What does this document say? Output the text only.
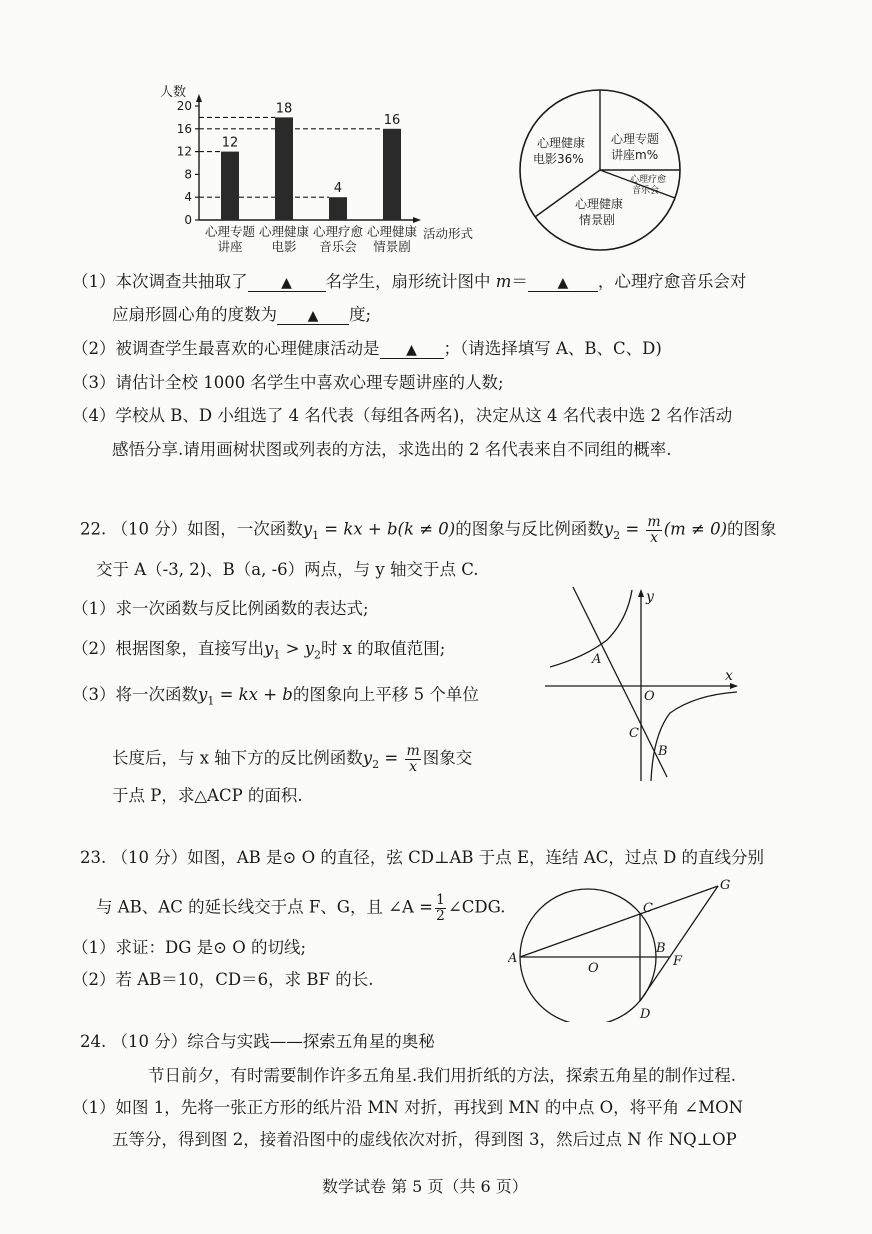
人数
0
4
8
12
16
20
12
18
4
16
心理专题
讲座
心理健康
电影
心理疗愈
音乐会
心理健康
情景剧
活动形式
心理健康
电影36%
心理专题
讲座m%
心理疗愈
音乐会
心理健康
情景剧
（1）本次调查共抽取了 ▲ 名学生，扇形统计图中 m＝ ▲ ，心理疗愈音乐会对
应扇形圆心角的度数为 ▲ 度;
（2）被调查学生最喜欢的心理健康活动是 ▲ ；（请选择填写 A、B、C、D)
（3）请估计全校 1000 名学生中喜欢心理专题讲座的人数;
（4）学校从 B、D 小组选了 4 名代表（每组各两名)，决定从这 4 名代表中选 2 名作活动
感悟分享.请用画树状图或列表的方法，求选出的 2 名代表来自不同组的概率.
22. （10 分）如图，一次函数$y_1$ = kx + b(k ≠ 0)的图象与反比例函数$y_2 = \frac{m}{x} (m \ne 0)$的图象
交于 A（-3, 2)、B（a, -6）两点，与 y 轴交于点 C.
（1）求一次函数与反比例函数的表达式;
（2）根据图象，直接写出$y_1 > y_2$时 x 的取值范围;
（3）将一次函数$y_1$ = kx + b的图象向上平移 5 个单位
长度后，与 x 轴下方的反比例函数$y_2 = \frac{m}{x}$ 图象交
于点 P，求△ACP 的面积.
y
x
A
O
C
B
23. （10 分）如图，AB 是⊙ O 的直径，弦 CD⊥AB 于点 E，连结 AC，过点 D 的直线分别
与 AB、AC 的延长线交于点 F、G，且 ∠A = $\frac{1}{2}$ ∠CDG.
（1）求证：DG 是⊙ O 的切线;
（2）若 AB＝10，CD＝6，求 BF 的长.
A
O
B
C
D
F
G
24. （10 分）综合与实践——探索五角星的奥秘
节日前夕，有时需要制作许多五角星.我们用折纸的方法，探索五角星的制作过程.
（1）如图 1，先将一张正方形的纸片沿 MN 对折，再找到 MN 的中点 O，将平角 ∠MON
五等分，得到图 2，接着沿图中的虚线依次对折，得到图 3，然后过点 N 作 NQ⊥OP
数学试卷 第 5 页（共 6 页）
